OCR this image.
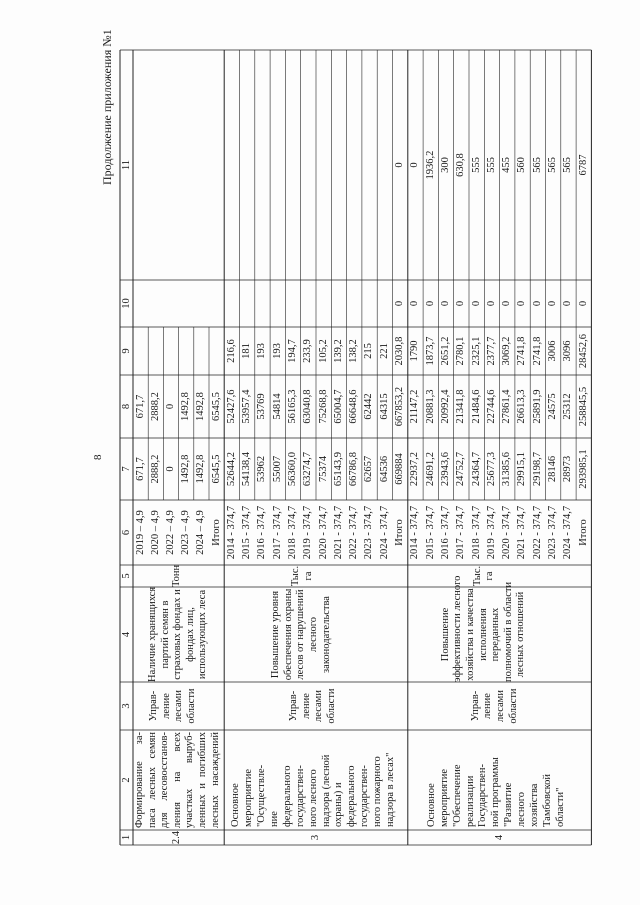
8
Продолжение приложения №1
1
2
3
4
5
6
7
8
9
10
11
2.4
Формирование за- паса лесных семян для лесовосстанов- ления на всех участках выруб- ленных и погибших лесных насаждений
Управ- ление лесами области
Наличие хранящихся партий семян в страховых фондах и фондах лиц, использующих леса
Тонн
2019 – 4,9
671,7
671,7
2020 – 4,9
2888,2
2888,2
2022 – 4,9
0
0
2023 – 4,9
1492,8
1492,8
2024 – 4,9
1492,8
1492,8
Итого
6545,5
6545,5
3
Основное мероприятие "Осуществле- ние федерального государствен- ного лесного надзора (лесной охраны) и федерального государствен- ного пожарного надзора в лесах"
Управ- ление лесами области
Повышение уровня обеспечения охраны лесов от нарушений лесного законодательства
Тыс. га
2014 - 374,7
52644,2
52427,6
216,6
2015 - 374,7
54138,4
53957,4
181
2016 - 374,7
53962
53769
193
2017 - 374,7
55007
54814
193
2018 - 374,7
56360,0
56165,3
194,7
2019 - 374,7
63274,7
63040,8
233,9
2020 - 374,7
75374
75268,8
105,2
2021 - 374,7
65143,9
65004,7
139,2
2022 - 374,7
66786,8
66648,6
138,2
2023 - 374,7
62657
62442
215
2024 - 374,7
64536
64315
221
Итого
669884
667853,2
2030,8
0
0
4
Основное мероприятие "Обеспечение реализации Государствен- ной программы "Развитие лесного хозяйства Тамбовской области"
Управ- ление лесами области
Повышение эффективности лесного хозяйства и качества исполнения переданных полномочий в области лесных отношений
Тыс. га
2014 - 374,7
22937,2
21147,2
1790
0
0
2015 - 374,7
24691,2
20881,3
1873,7
0
1936,2
2016 - 374,7
23943,6
20992,4
2651,2
0
300
2017 - 374,7
24752,7
21341,8
2780,1
0
630,8
2018 - 374,7
24364,7
21484,6
2325,1
0
555
2019 - 374,7
25677,3
22744,6
2377,7
0
555
2020 - 374,7
31385,6
27861,4
3069,2
0
455
2021 - 374,7
29915,1
26613,3
2741,8
0
560
2022 - 374,7
29198,7
25891,9
2741,8
0
565
2023 - 374,7
28146
24575
3006
0
565
2024 - 374,7
28973
25312
3096
0
565
Итого
293985,1
258845,5
28452,6
0
6787
